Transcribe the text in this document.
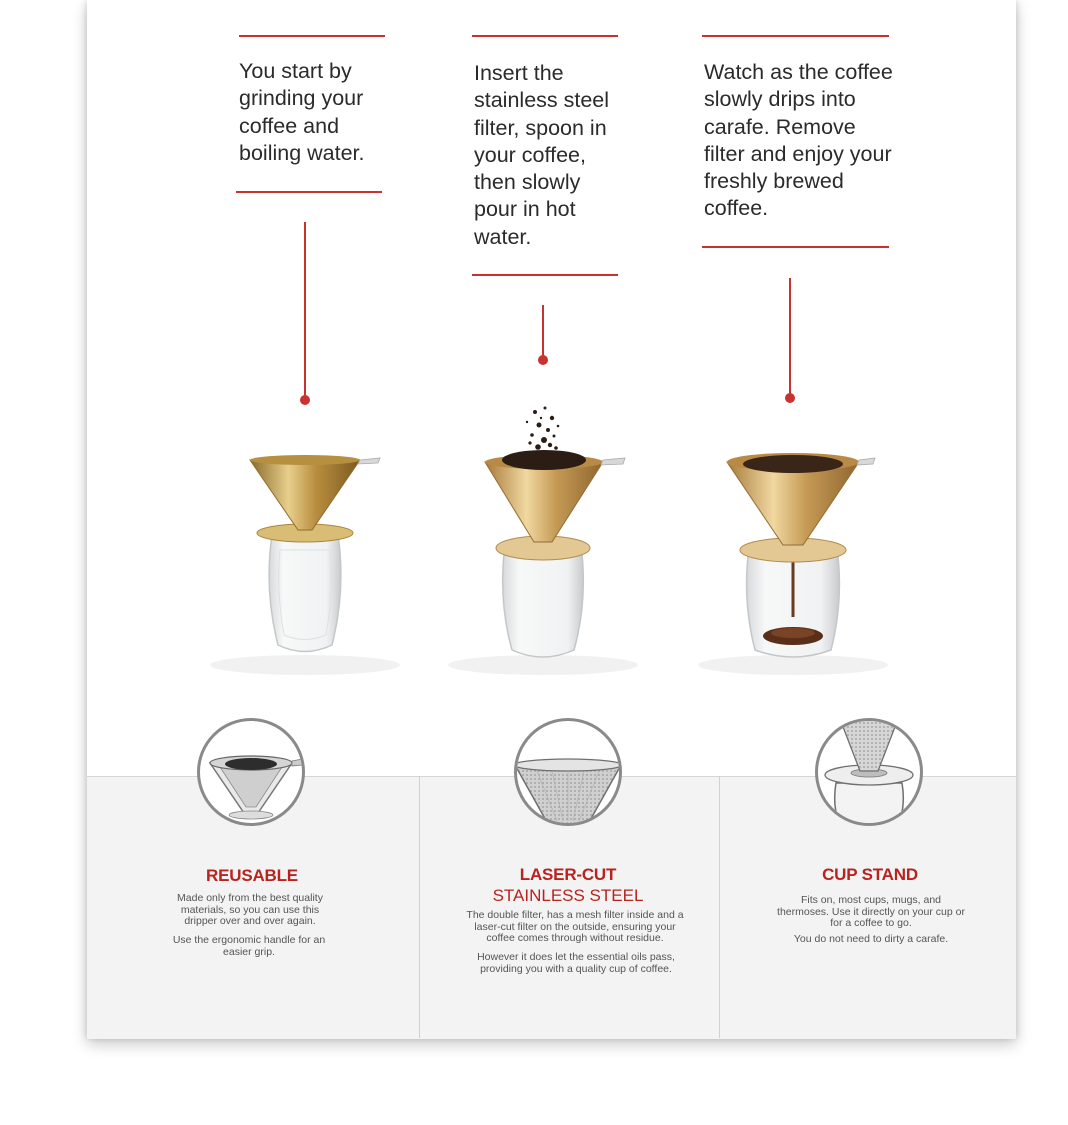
You start by grinding your coffee and boiling water.

Insert the stainless steel filter, spoon in your coffee, then slowly pour in hot water.

Watch as the coffee slowly drips into carafe. Remove filter and enjoy your freshly brewed coffee.

REUSABLE
Made only from the best quality materials, so you can use this dripper over and over again.
Use the ergonomic handle for an easier grip.
LASER-CUT
STAINLESS STEEL
The double filter, has a mesh filter inside and a laser-cut filter on the outside, ensuring your coffee comes through without residue.
However it does let the essential oils pass, providing you with a quality cup of coffee.
CUP STAND
Fits on, most cups, mugs, and thermoses. Use it directly on your cup or for a coffee to go.
You do not need to dirty a carafe.
